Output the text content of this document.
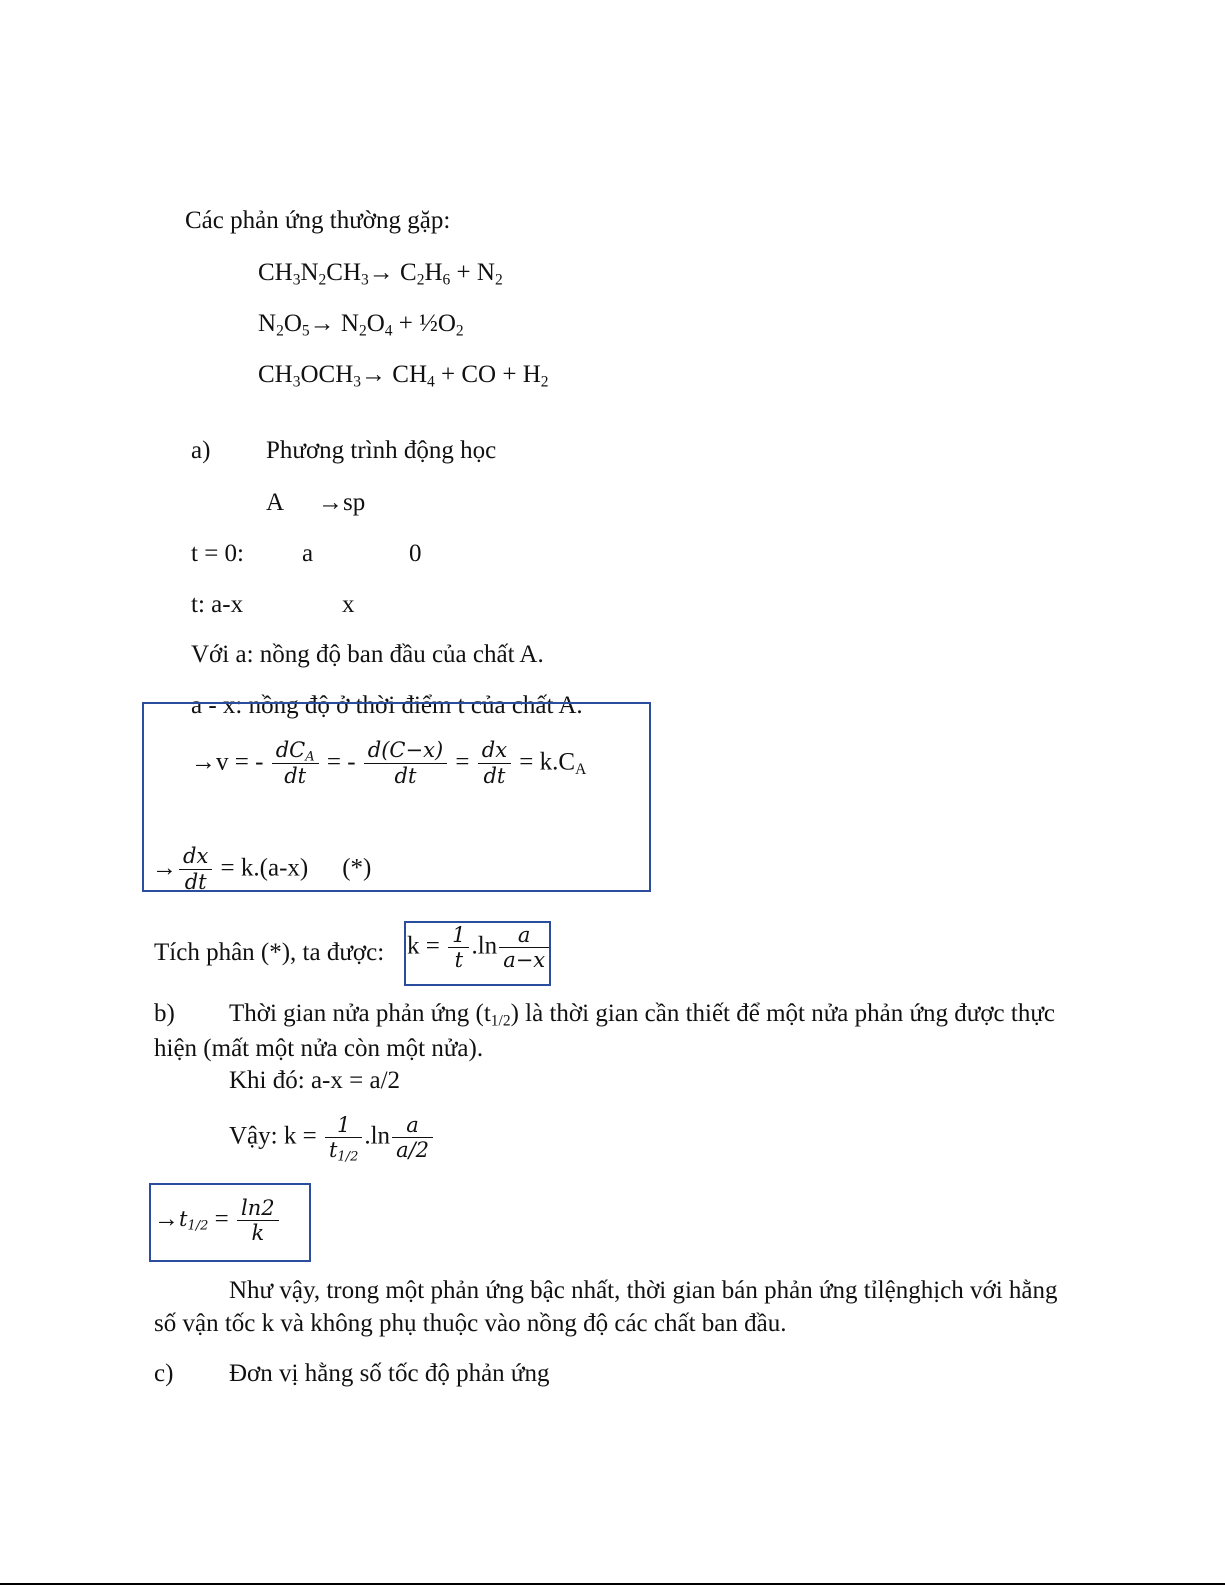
Các phản ứng thường gặp:
$CH_3N_2CH_3\to C_2H_6 + N_2$
$N_2O_5\to N_2O_4$ + $\frac{1}{2}O_2$
$CH_3OCH_3\to CH_4$ + CO + $H_2$
a) Phương trình động học
A →sp
t = 0: a	0
t: a-x	x
Với a: nồng độ ban đầu của chất A.
a - x: nồng độ ở thời điểm t của chất A.
→v = - $\frac{dC_A}{dt}$ = - $\frac{d(C-x)}{dt} = \frac{dx}{dt} = k.C_A$
→ $\frac{dx}{dt} = k.(a-x)$ (*)
Tích phân (*), ta được: $k = \frac{1}{t} .\ln \frac{a}{a-x}$
b) Thời gian nửa phản ứng $(t_{1/2})$ là thời gian cần thiết để một nửa phản ứng được thực
hiện (mất một nửa còn một nửa).
Khi đó: a-x = a/2
Vậy: $k = \frac{1}{t_{1/2}} .\ln \frac{a}{a/2}$
$\to t_{1/2} = \frac{\ln 2}{k}$
Như vậy, trong một phản ứng bậc nhất, thời gian bán phản ứng tỉlệnghịch với hằng
số vận tốc k và không phụ thuộc vào nồng độ các chất ban đầu.
c) Đơn vị hằng số tốc độ phản ứng
